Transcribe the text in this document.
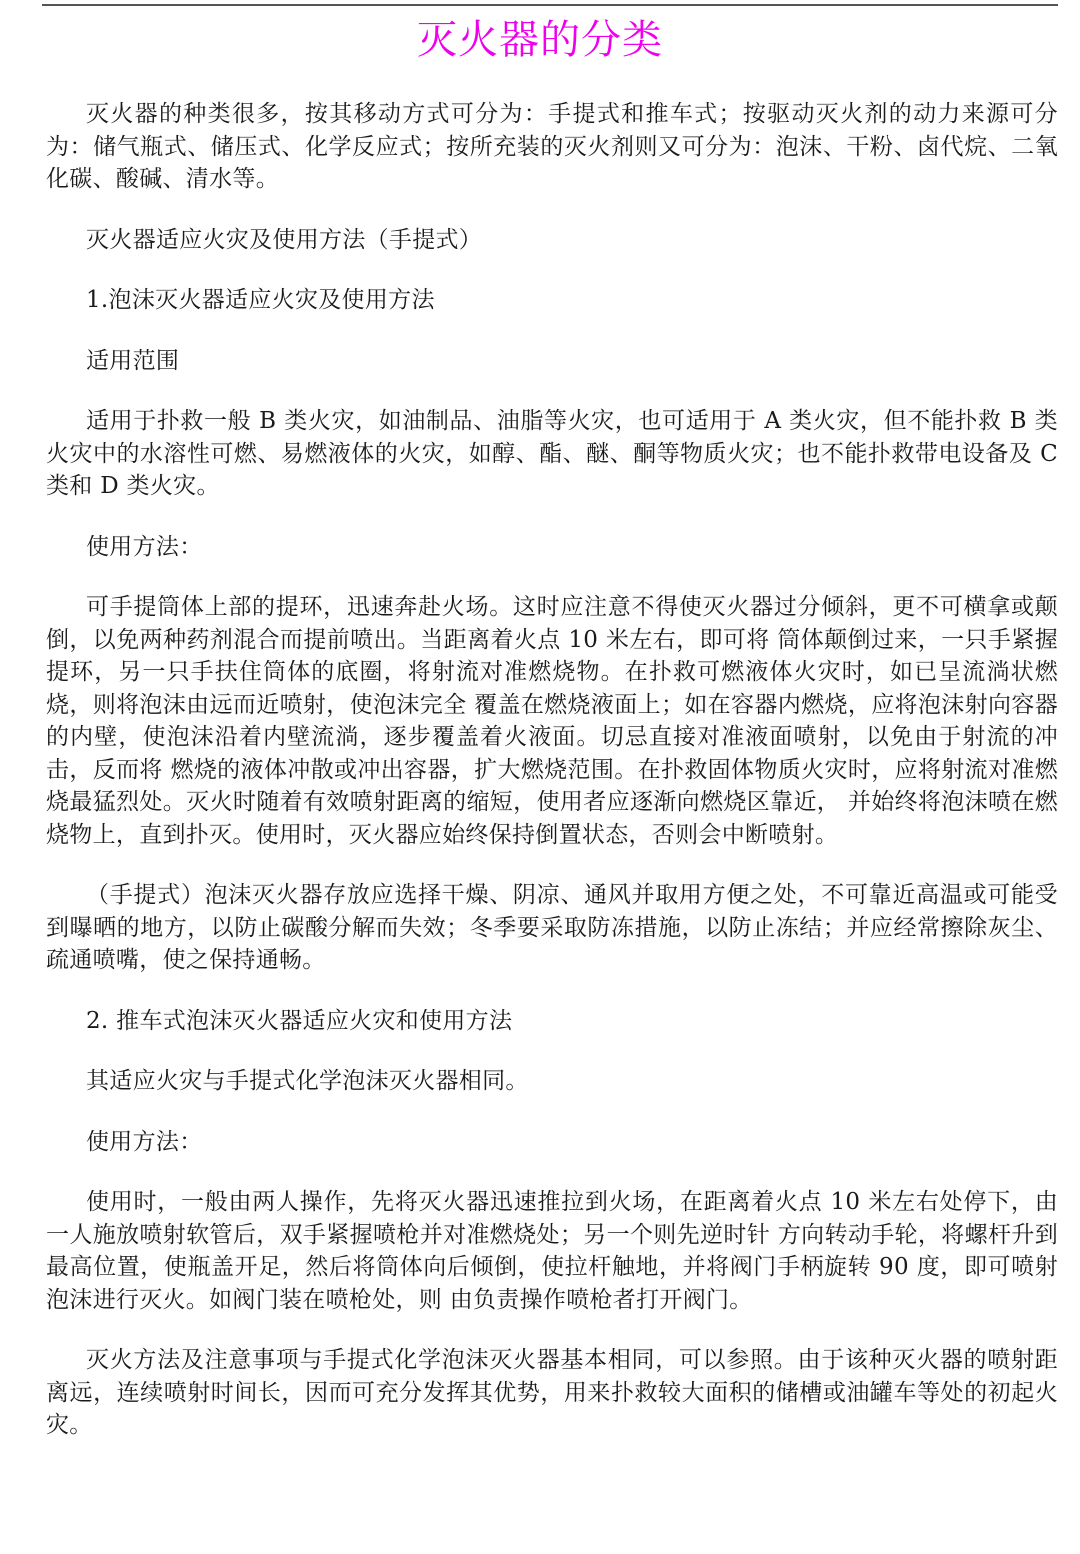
灭火器的分类

灭火器的种类很多，按其移动方式可分为：手提式和推车式；按驱动灭火剂的动力来源可分为：储气瓶式、储压式、化学反应式；按所充装的灭火剂则又可分为：泡沫、干粉、卤代烷、二氧化碳、酸碱、清水等。

灭火器适应火灾及使用方法（手提式）

1.泡沫灭火器适应火灾及使用方法

适用范围

适用于扑救一般 B 类火灾，如油制品、油脂等火灾，也可适用于 A 类火灾，但不能扑救 B 类火灾中的水溶性可燃、易燃液体的火灾，如醇、酯、醚、酮等物质火灾；也不能扑救带电设备及 C 类和 D 类火灾。

使用方法：

可手提筒体上部的提环，迅速奔赴火场。这时应注意不得使灭火器过分倾斜，更不可横拿或颠倒，以免两种药剂混合而提前喷出。当距离着火点 10 米左右，即可将 筒体颠倒过来，一只手紧握提环，另一只手扶住筒体的底圈，将射流对准燃烧物。在扑救可燃液体火灾时，如已呈流淌状燃烧，则将泡沫由远而近喷射，使泡沫完全 覆盖在燃烧液面上；如在容器内燃烧，应将泡沫射向容器的内壁，使泡沫沿着内壁流淌，逐步覆盖着火液面。切忌直接对准液面喷射，以免由于射流的冲击，反而将 燃烧的液体冲散或冲出容器，扩大燃烧范围。在扑救固体物质火灾时，应将射流对准燃烧最猛烈处。灭火时随着有效喷射距离的缩短，使用者应逐渐向燃烧区靠近， 并始终将泡沫喷在燃烧物上，直到扑灭。使用时，灭火器应始终保持倒置状态，否则会中断喷射。

（手提式）泡沫灭火器存放应选择干燥、阴凉、通风并取用方便之处，不可靠近高温或可能受到曝晒的地方，以防止碳酸分解而失效；冬季要采取防冻措施，以防止冻结；并应经常擦除灰尘、疏通喷嘴，使之保持通畅。

2. 推车式泡沫灭火器适应火灾和使用方法

其适应火灾与手提式化学泡沫灭火器相同。

使用方法：

使用时，一般由两人操作，先将灭火器迅速推拉到火场，在距离着火点 10 米左右处停下，由一人施放喷射软管后，双手紧握喷枪并对准燃烧处；另一个则先逆时针 方向转动手轮，将螺杆升到最高位置，使瓶盖开足，然后将筒体向后倾倒，使拉杆触地，并将阀门手柄旋转 90 度，即可喷射泡沫进行灭火。如阀门装在喷枪处，则 由负责操作喷枪者打开阀门。

灭火方法及注意事项与手提式化学泡沫灭火器基本相同，可以参照。由于该种灭火器的喷射距离远，连续喷射时间长，因而可充分发挥其优势，用来扑救较大面积的储槽或油罐车等处的初起火灾。
